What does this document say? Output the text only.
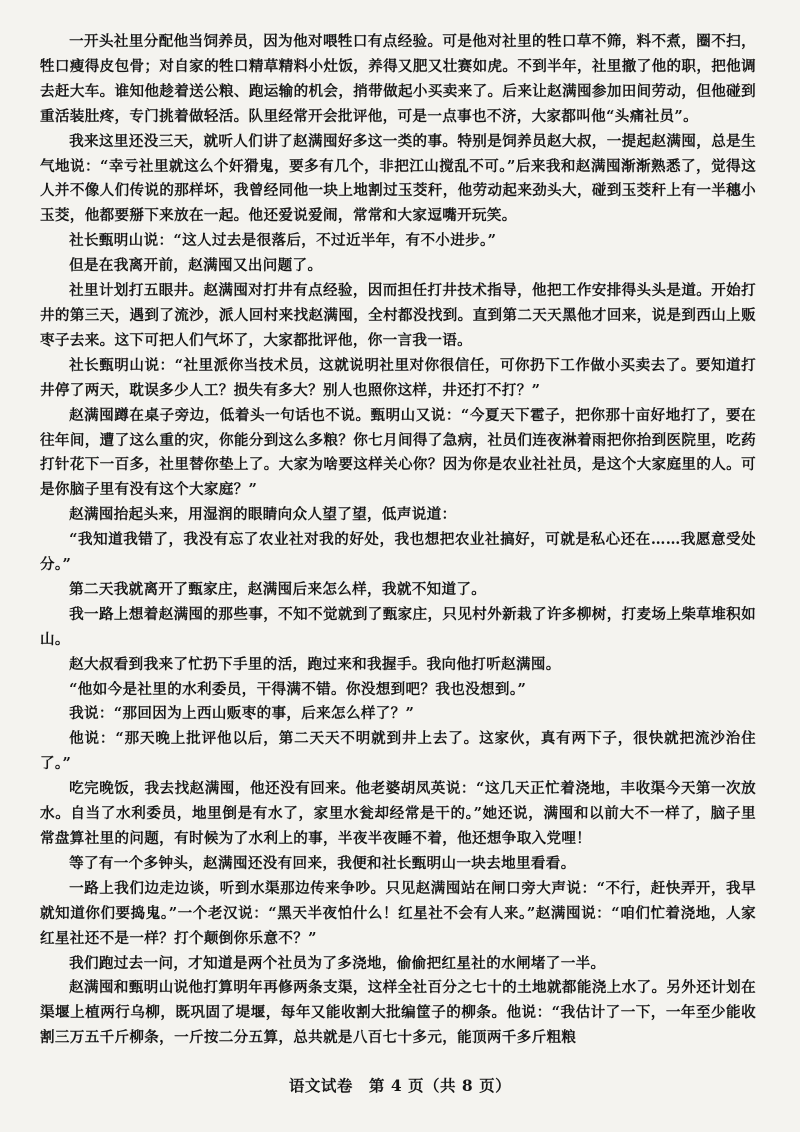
一开头社里分配他当饲养员，因为他对喂牲口有点经验。可是他对社里的牲口草不筛，料不煮，圈不扫，牲口瘦得皮包骨；对自家的牲口精草精料小灶饭，养得又肥又壮赛如虎。不到半年，社里撤了他的职，把他调去赶大车。谁知他趁着送公粮、跑运输的机会，捎带做起小买卖来了。后来让赵满囤参加田间劳动，但他碰到重活装肚疼，专门挑着做轻活。队里经常开会批评他，可是一点事也不济，大家都叫他“头痛社员”。

我来这里还没三天，就听人们讲了赵满囤好多这一类的事。特别是饲养员赵大叔，一提起赵满囤，总是生气地说：“幸亏社里就这么个奸猾鬼，要多有几个，非把江山搅乱不可。”后来我和赵满囤渐渐熟悉了，觉得这人并不像人们传说的那样坏，我曾经同他一块上地割过玉茭秆，他劳动起来劲头大，碰到玉茭秆上有一半穗小玉茭，他都要掰下来放在一起。他还爱说爱闹，常常和大家逗嘴开玩笑。

社长甄明山说：“这人过去是很落后，不过近半年，有不小进步。”

但是在我离开前，赵满囤又出问题了。

社里计划打五眼井。赵满囤对打井有点经验，因而担任打井技术指导，他把工作安排得头头是道。开始打井的第三天，遇到了流沙，派人回村来找赵满囤，全村都没找到。直到第二天天黑他才回来，说是到西山上贩枣子去来。这下可把人们气坏了，大家都批评他，你一言我一语。

社长甄明山说：“社里派你当技术员，这就说明社里对你很信任，可你扔下工作做小买卖去了。要知道打井停了两天，耽误多少人工？损失有多大？别人也照你这样，井还打不打？”

赵满囤蹲在桌子旁边，低着头一句话也不说。甄明山又说：“今夏天下雹子，把你那十亩好地打了，要在往年间，遭了这么重的灾，你能分到这么多粮？你七月间得了急病，社员们连夜淋着雨把你抬到医院里，吃药打针花下一百多，社里替你垫上了。大家为啥要这样关心你？因为你是农业社社员，是这个大家庭里的人。可是你脑子里有没有这个大家庭？”

赵满囤抬起头来，用湿润的眼睛向众人望了望，低声说道：

“我知道我错了，我没有忘了农业社对我的好处，我也想把农业社搞好，可就是私心还在……我愿意受处分。”

第二天我就离开了甄家庄，赵满囤后来怎么样，我就不知道了。

我一路上想着赵满囤的那些事，不知不觉就到了甄家庄，只见村外新栽了许多柳树，打麦场上柴草堆积如山。

赵大叔看到我来了忙扔下手里的活，跑过来和我握手。我向他打听赵满囤。

“他如今是社里的水利委员，干得满不错。你没想到吧？我也没想到。”

我说：“那回因为上西山贩枣的事，后来怎么样了？”

他说：“那天晚上批评他以后，第二天天不明就到井上去了。这家伙，真有两下子，很快就把流沙治住了。”

吃完晚饭，我去找赵满囤，他还没有回来。他老婆胡凤英说：“这几天正忙着浇地，丰收渠今天第一次放水。自当了水利委员，地里倒是有水了，家里水瓮却经常是干的。”她还说，满囤和以前大不一样了，脑子里常盘算社里的问题，有时候为了水利上的事，半夜半夜睡不着，他还想争取入党哩！

等了有一个多钟头，赵满囤还没有回来，我便和社长甄明山一块去地里看看。

一路上我们边走边谈，听到水渠那边传来争吵。只见赵满囤站在闸口旁大声说：“不行，赶快弄开，我早就知道你们要捣鬼。”一个老汉说：“黑天半夜怕什么！红星社不会有人来。”赵满囤说：“咱们忙着浇地，人家红星社还不是一样？打个颠倒你乐意不？”

我们跑过去一问，才知道是两个社员为了多浇地，偷偷把红星社的水闸堵了一半。

赵满囤和甄明山说他打算明年再修两条支渠，这样全社百分之七十的土地就都能浇上水了。另外还计划在渠堰上植两行乌柳，既巩固了堤堰，每年又能收割大批编筐子的柳条。他说：“我估计了一下，一年至少能收割三万五千斤柳条，一斤按二分五算，总共就是八百七十多元，能顶两千多斤粗粮

语文试卷　第 4 页（共 8 页）
